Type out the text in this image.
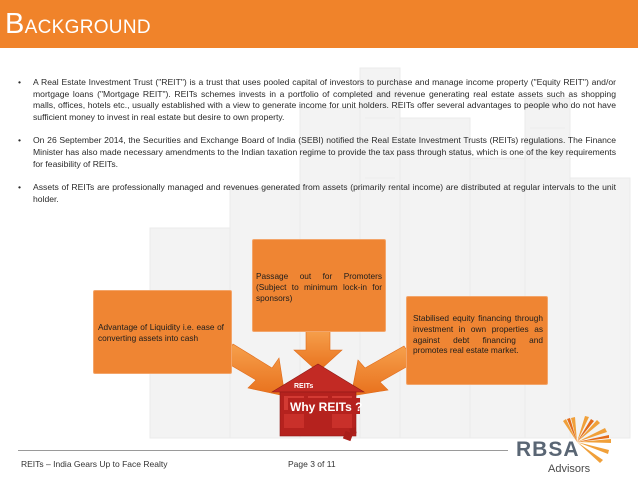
BACKGROUND
• A Real Estate Investment Trust ("REIT") is a trust that uses pooled capital of investors to purchase and manage income property ("Equity REIT") and/or mortgage loans ("Mortgage REIT"). REITs schemes invests in a portfolio of completed and revenue generating real estate assets such as shopping malls, offices, hotels etc., usually established with a view to generate income for unit holders. REITs offer several advantages to people who do not have sufficient money to invest in real estate but desire to own property.
• On 26 September 2014, the Securities and Exchange Board of India (SEBI) notified the Real Estate Investment Trusts (REITs) regulations. The Finance Minister has also made necessary amendments to the Indian taxation regime to provide the tax pass through status, which is one of the key requirements for feasibility of REITs.
• Assets of REITs are professionally managed and revenues generated from assets (primarily rental income) are distributed at regular intervals to the unit holder.
REITs
Why REITs ?
Advantage of Liquidity i.e. ease of converting assets into cash
Passage out for Promoters (Subject to minimum lock-in for sponsors)
Stabilised equity financing through investment in own properties as against debt financing and promotes real estate market.
REITs – India Gears Up to Face Realty	Page 3 of 11
RBSA
Advisors
